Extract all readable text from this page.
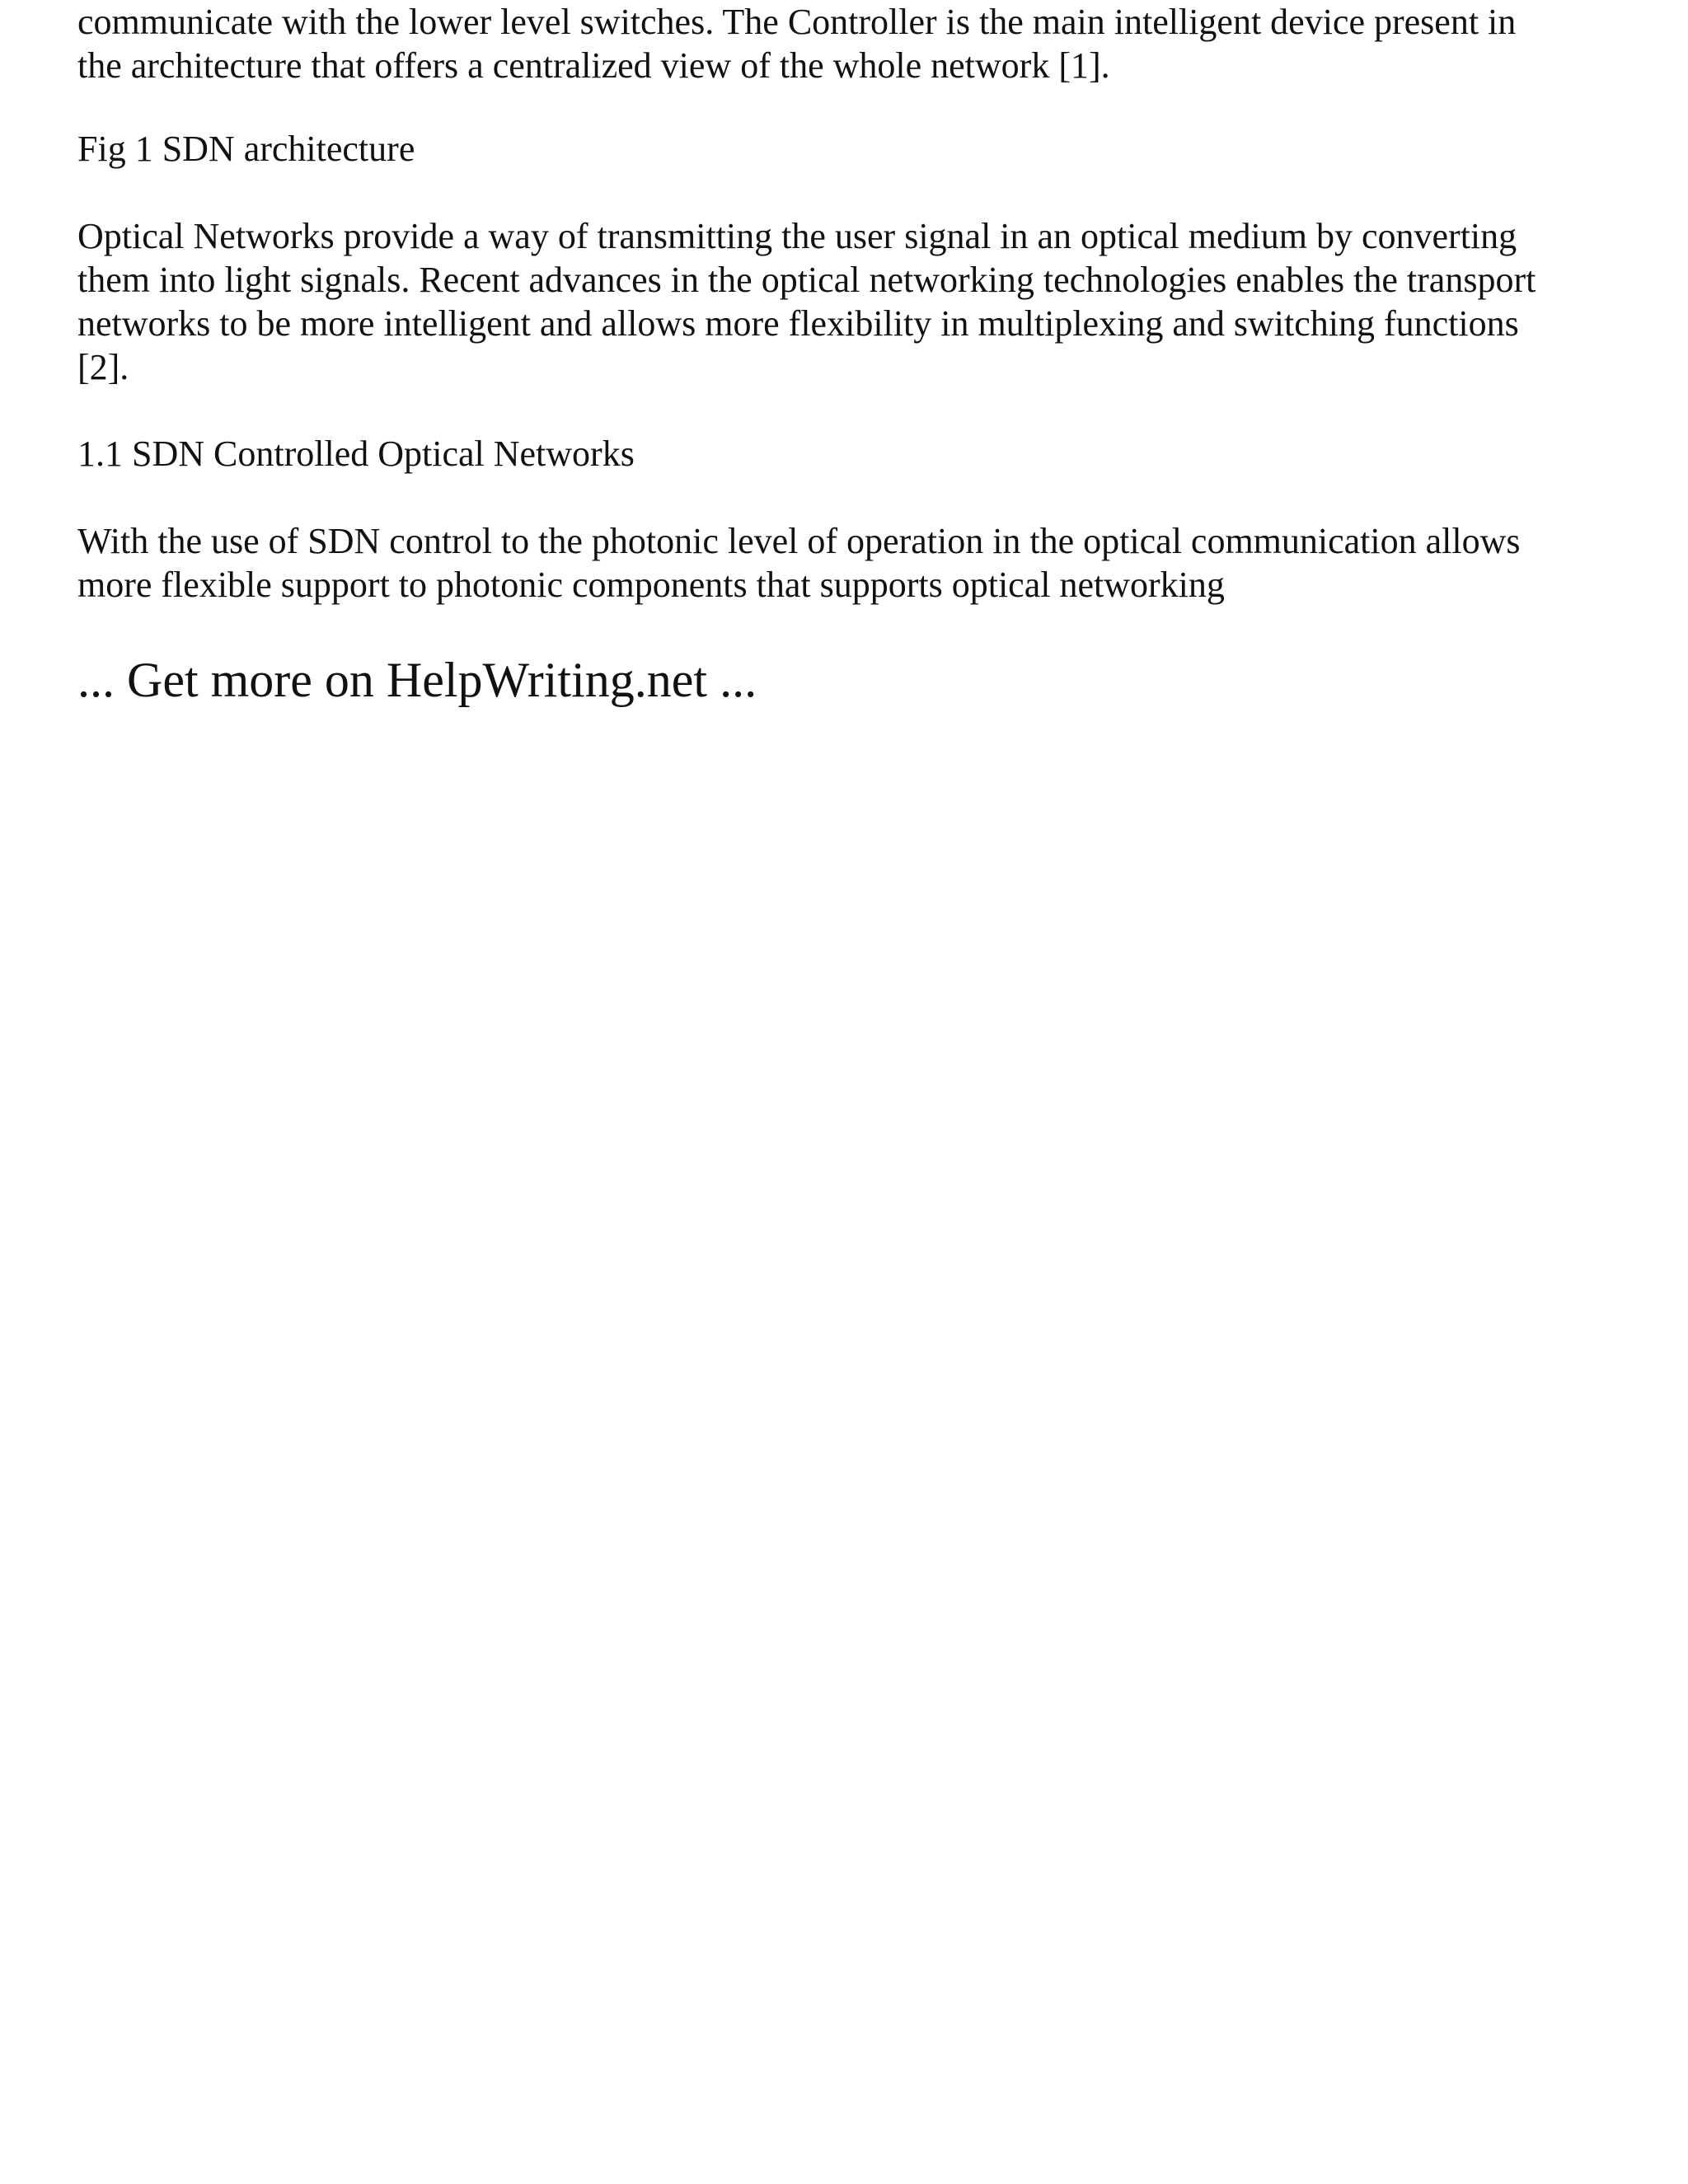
communicate with the lower level switches. The Controller is the main intelligent device present in
the architecture that offers a centralized view of the whole network [1].

Fig 1 SDN architecture

Optical Networks provide a way of transmitting the user signal in an optical medium by converting
them into light signals. Recent advances in the optical networking technologies enables the transport
networks to be more intelligent and allows more flexibility in multiplexing and switching functions
[2].

1.1 SDN Controlled Optical Networks

With the use of SDN control to the photonic level of operation in the optical communication allows
more flexible support to photonic components that supports optical networking

... Get more on HelpWriting.net ...
